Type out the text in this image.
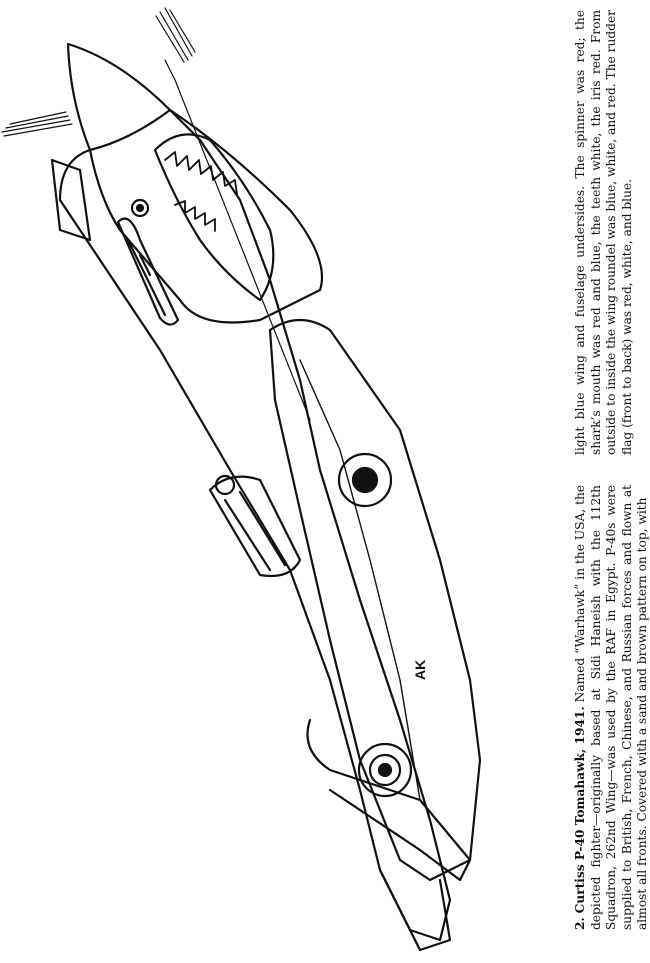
AK

2. Curtiss P-40 Tomahawk, 1941. Named “Warhawk” in the USA, the depicted fighter—originally based at Sidi Haneish with the 112th Squadron, 262nd Wing—was used by the RAF in Egypt. P-40s were supplied to British, French, Chinese, and Russian forces and flown at almost all fronts. Covered with a sand and brown pattern on top, with

light blue wing and fuselage undersides. The spinner was red; the shark’s mouth was red and blue, the teeth white, the iris red. From outside to inside the wing roundel was blue, white, and red. The rudder flag (front to back) was red, white, and blue.
